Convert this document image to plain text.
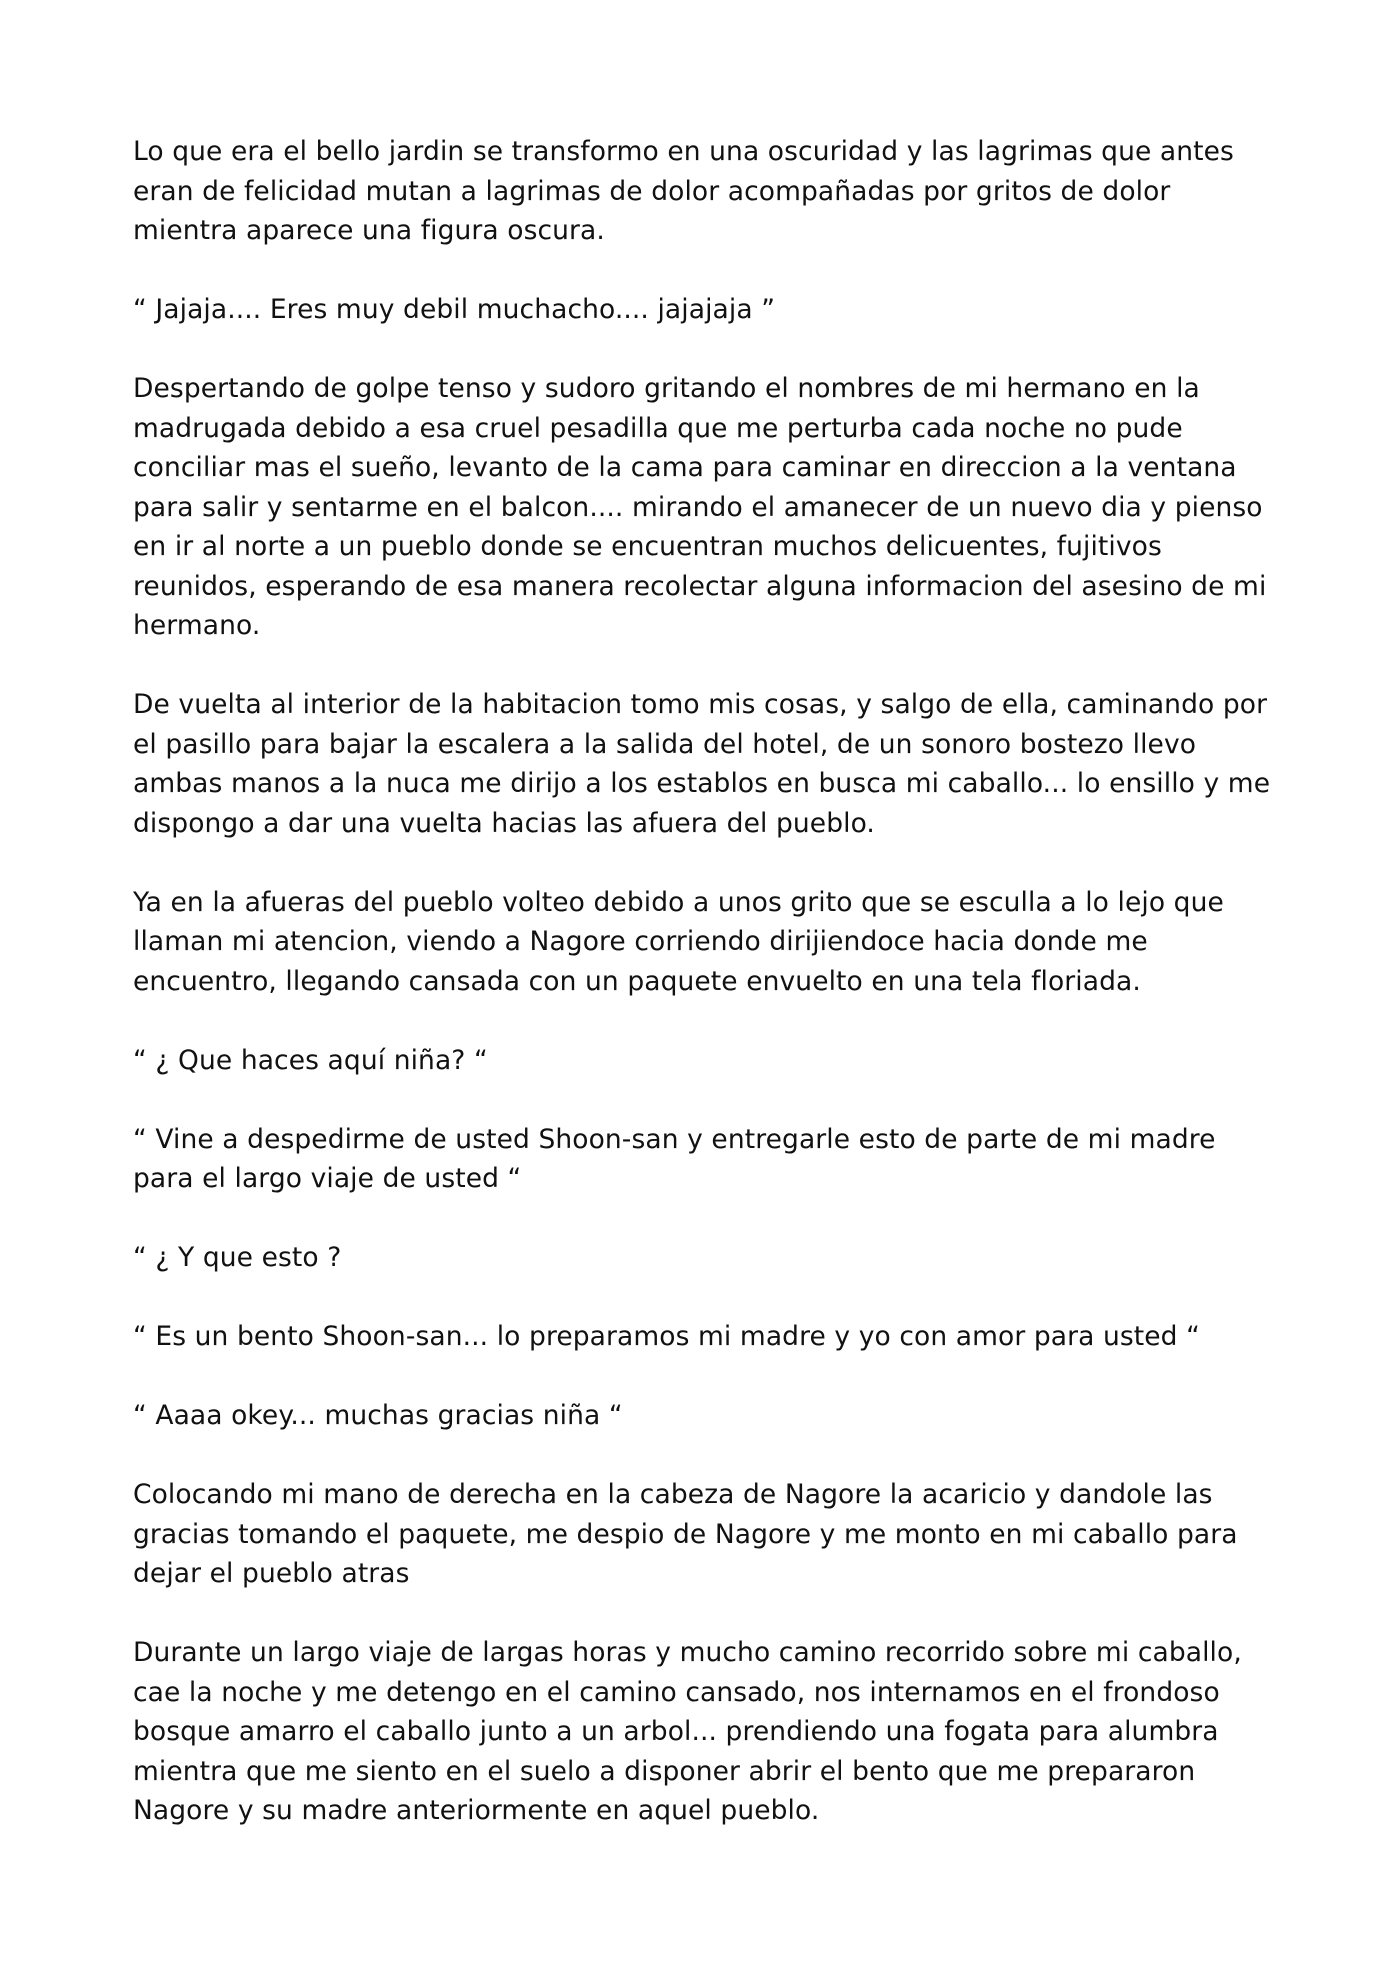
Lo que era el bello jardin se transformo en una oscuridad y las lagrimas que antes eran de felicidad mutan a lagrimas de dolor acompañadas por gritos de dolor mientra aparece una figura oscura.

“ Jajaja.... Eres muy debil muchacho.... jajajaja ”

Despertando de golpe tenso y sudoro gritando el nombres de mi hermano en la madrugada debido a esa cruel pesadilla que me perturba cada noche no pude conciliar mas el sueño, levanto de la cama para caminar en direccion a la ventana para salir y sentarme en el balcon.... mirando el amanecer de un nuevo dia y pienso en ir al norte a un pueblo donde se encuentran muchos delicuentes, fujitivos reunidos, esperando de esa manera recolectar alguna informacion del asesino de mi hermano.

De vuelta al interior de la habitacion tomo mis cosas, y salgo de ella, caminando por el pasillo para bajar la escalera a la salida del hotel, de un sonoro bostezo llevo ambas manos a la nuca me dirijo a los establos en busca mi caballo... lo ensillo y me dispongo a dar una vuelta hacias las afuera del pueblo.

Ya en la afueras del pueblo volteo debido a unos grito que se esculla a lo lejo que llaman mi atencion, viendo a Nagore corriendo dirijiendoce hacia donde me encuentro, llegando cansada con un paquete envuelto en una tela floriada.

“ ¿ Que haces aquí niña? “

“ Vine a despedirme de usted Shoon-san y entregarle esto de parte de mi madre para el largo viaje de usted “

“ ¿ Y que esto ?

“ Es un bento Shoon-san... lo preparamos mi madre y yo con amor para usted “

“ Aaaa okey... muchas gracias niña “

Colocando mi mano de derecha en la cabeza de Nagore la acaricio y dandole las gracias tomando el paquete, me despio de Nagore y me monto en mi caballo para dejar el pueblo atras

Durante un largo viaje de largas horas y mucho camino recorrido sobre mi caballo, cae la noche y me detengo en el camino cansado, nos internamos en el frondoso bosque amarro el caballo junto a un arbol... prendiendo una fogata para alumbra mientra que me siento en el suelo a disponer abrir el bento que me prepararon Nagore y su madre anteriormente en aquel pueblo.
